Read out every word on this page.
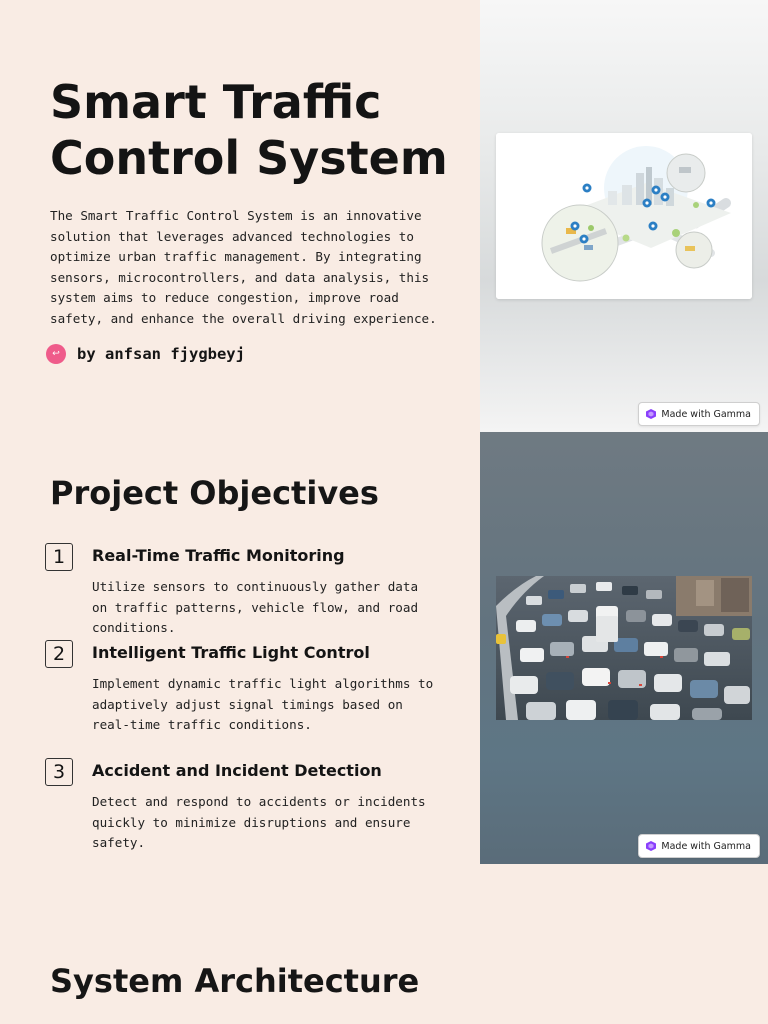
Smart Traffic Control System

The Smart Traffic Control System is an innovative solution that leverages advanced technologies to optimize urban traffic management. By integrating sensors, microcontrollers, and data analysis, this system aims to reduce congestion, improve road safety, and enhance the overall driving experience.

↩ by anfsan fjygbeyj
Made with Gamma
Project Objectives
1	Real-Time Traffic Monitoring

Utilize sensors to continuously gather data on traffic patterns, vehicle flow, and road conditions.

2	Intelligent Traffic Light Control

Implement dynamic traffic light algorithms to adaptively adjust signal timings based on real-time traffic conditions.

3	Accident and Incident Detection

Detect and respond to accidents or incidents quickly to minimize disruptions and ensure safety.	Made with Gamma
System Architecture
